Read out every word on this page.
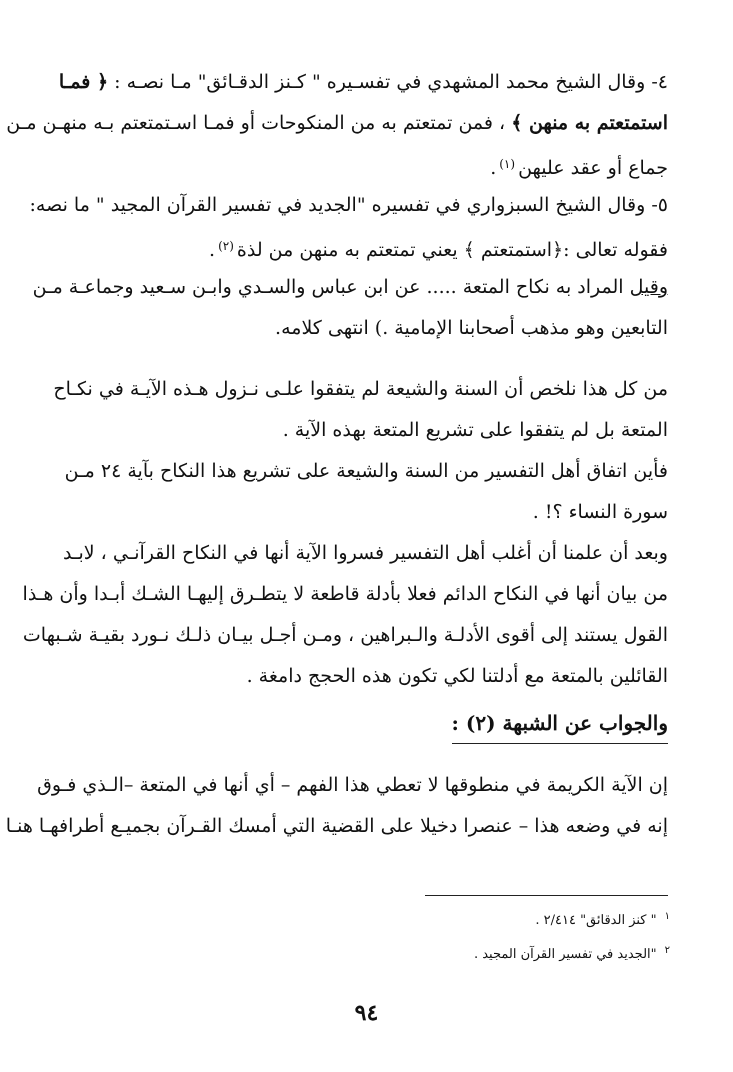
٤- وقال الشيخ محمد المشهدي في تفسـيره " كـنز الدقـائق" مـا نصـه : ﴿ فمـا
استمتعتم به منهن ﴾ ، فمن تمتعتم به من المنكوحات أو فمـا اسـتمتعتم بـه منهـن مـن
جماع أو عقد عليهن$^{(١)}$.
٥- وقال الشيخ السبزواري في تفسيره "الجديد في تفسير القرآن المجيد " ما نصه:
فقوله تعالى :﴿استمتعتم ﴾ يعني تمتعتم به منهن من لذة$^{(٢)}$.
وقيل المراد به نكاح المتعة ..... عن ابن عباس والسـدي وابـن سـعيد وجماعـة مـن
التابعين وهو مذهب أصحابنا الإمامية .) انتهى كلامه.
من كل هذا نلخص أن السنة والشيعة لم يتفقوا علـى نـزول هـذه الآيـة في نكـاح
المتعة بل لم يتفقوا على تشريع المتعة بهذه الآية .
فأين اتفاق أهل التفسير من السنة والشيعة على تشريع هذا النكاح بآية ٢٤ مـن
سورة النساء ؟! .
وبعد أن علمنا أن أغلب أهل التفسير فسروا الآية أنها في النكاح القرآنـي ، لابـد
من بيان أنها في النكاح الدائم فعلا بأدلة قاطعة لا يتطـرق إليهـا الشـك أبـدا وأن هـذا
القول يستند إلى أقوى الأدلـة والـبراهين ، ومـن أجـل بيـان ذلـك نـورد بقيـة شـبهات
القائلين بالمتعة مع أدلتنا لكي تكون هذه الحجج دامغة .
والجواب عن الشبهة (٢) :
إن الآية الكريمة في منطوقها لا تعطي هذا الفهم – أي أنها في المتعة –الـذي فـوق
إنه في وضعه هذا – عنصرا دخيلا على القضية التي أمسك القـرآن بجميـع أطرافهـا هنـا
$^١$" كنز الدقائق" ٢/٤١٤ .
$^٢$"الجديد في تفسير القرآن المجيد .
٩٤
